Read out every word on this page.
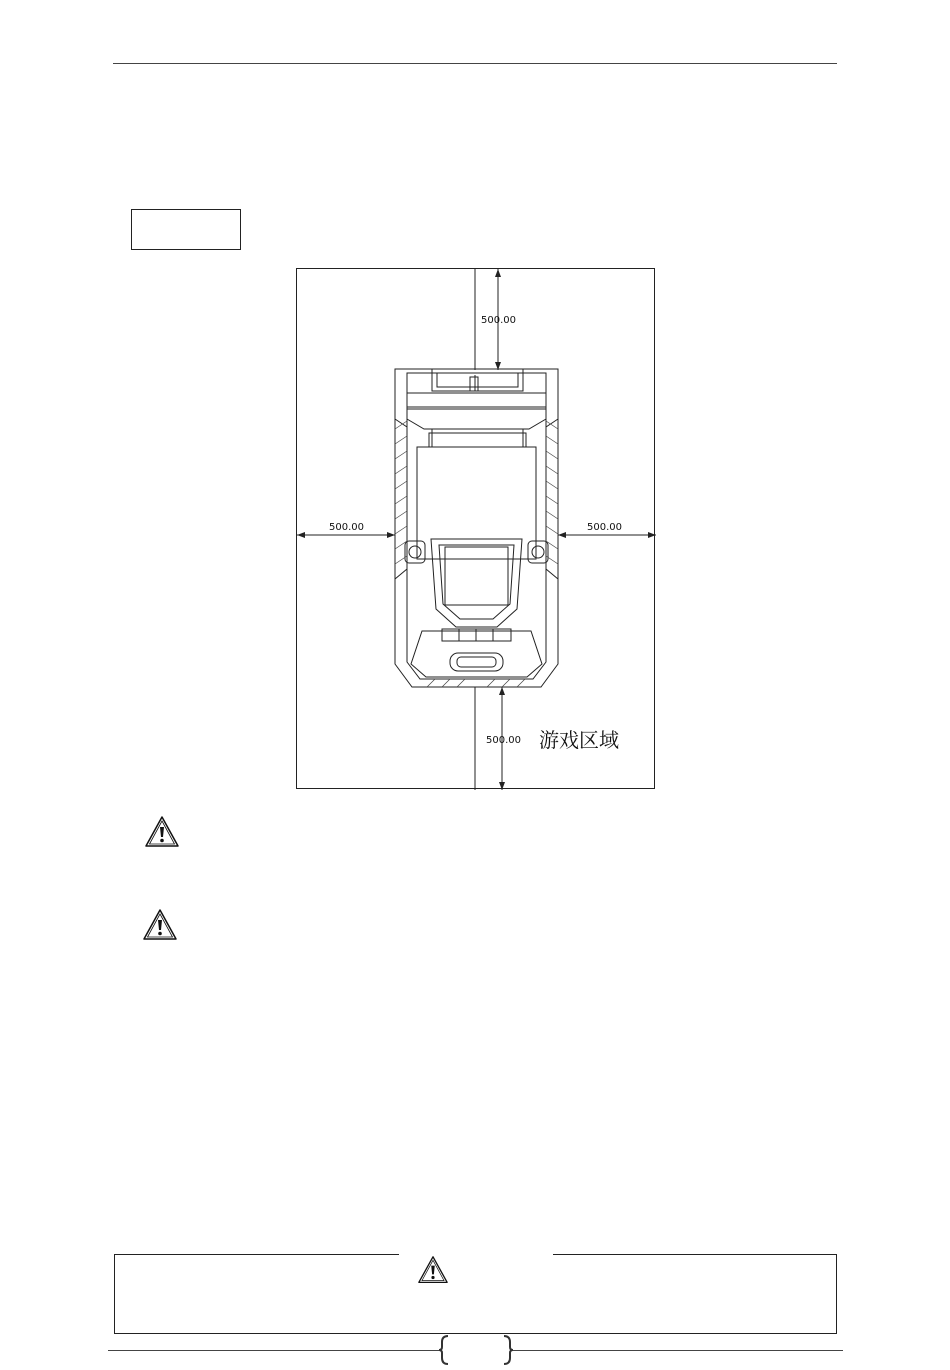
500.00
500.00	500.00
500.00 游戏区域
